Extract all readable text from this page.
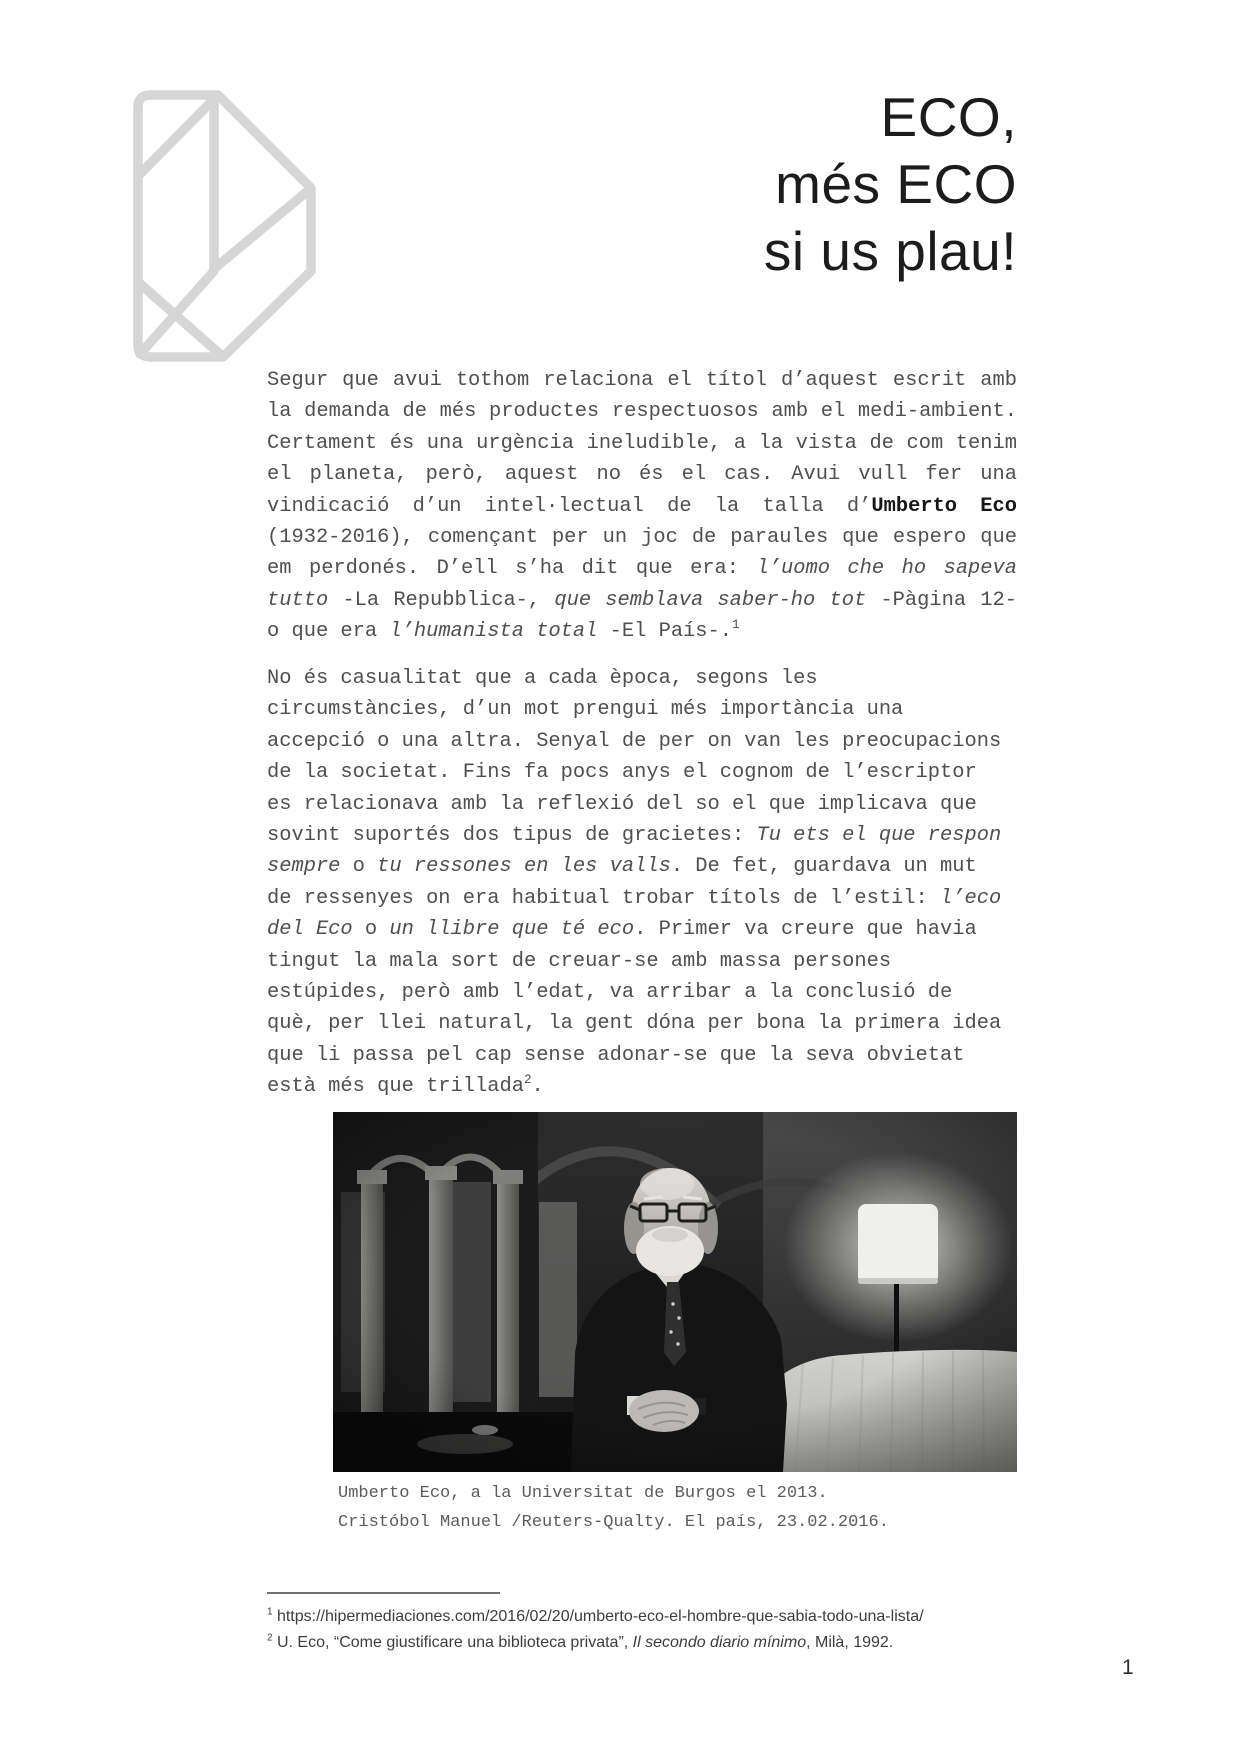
ECO,
més ECO
si us plau!
Segur que avui tothom relaciona el títol d’aquest escrit amb
la demanda de més productes respectuosos amb el medi-ambient.
Certament és una urgència ineludible, a la vista de com tenim
el planeta, però, aquest no és el cas. Avui vull fer una
vindicació d’un intel·lectual de la talla d’Umberto Eco
(1932-2016), començant per un joc de paraules que espero que
em perdonés. D’ell s’ha dit que era: l’uomo che ho sapeva
tutto -La Repubblica-, que semblava saber-ho tot -Pàgina 12-
o que era l’humanista total -El País-.$^1$
No és casualitat que a cada època, segons les
circumstàncies, d’un mot prengui més importància una
accepció o una altra. Senyal de per on van les preocupacions
de la societat. Fins fa pocs anys el cognom de l’escriptor
es relacionava amb la reflexió del so el que implicava que
sovint suportés dos tipus de gracietes: Tu ets el que respon
sempre o tu ressones en les valls. De fet, guardava un mut
de ressenyes on era habitual trobar títols de l’estil: l’eco
del Eco o un llibre que té eco. Primer va creure que havia
tingut la mala sort de creuar-se amb massa persones
estúpides, però amb l’edat, va arribar a la conclusió de
què, per llei natural, la gent dóna per bona la primera idea
que li passa pel cap sense adonar-se que la seva obvietat
està més que trillada$^2$.
Umberto Eco, a la Universitat de Burgos el 2013.
Cristóbol Manuel /Reuters-Qualty. El país, 23.02.2016.
$^1$ https://hipermediaciones.com/2016/02/20/umberto-eco-el-hombre-que-sabia-todo-una-lista/
$^2$ U. Eco, “Come giustificare una biblioteca privata”, Il secondo diario mínimo, Milà, 1992.
1
